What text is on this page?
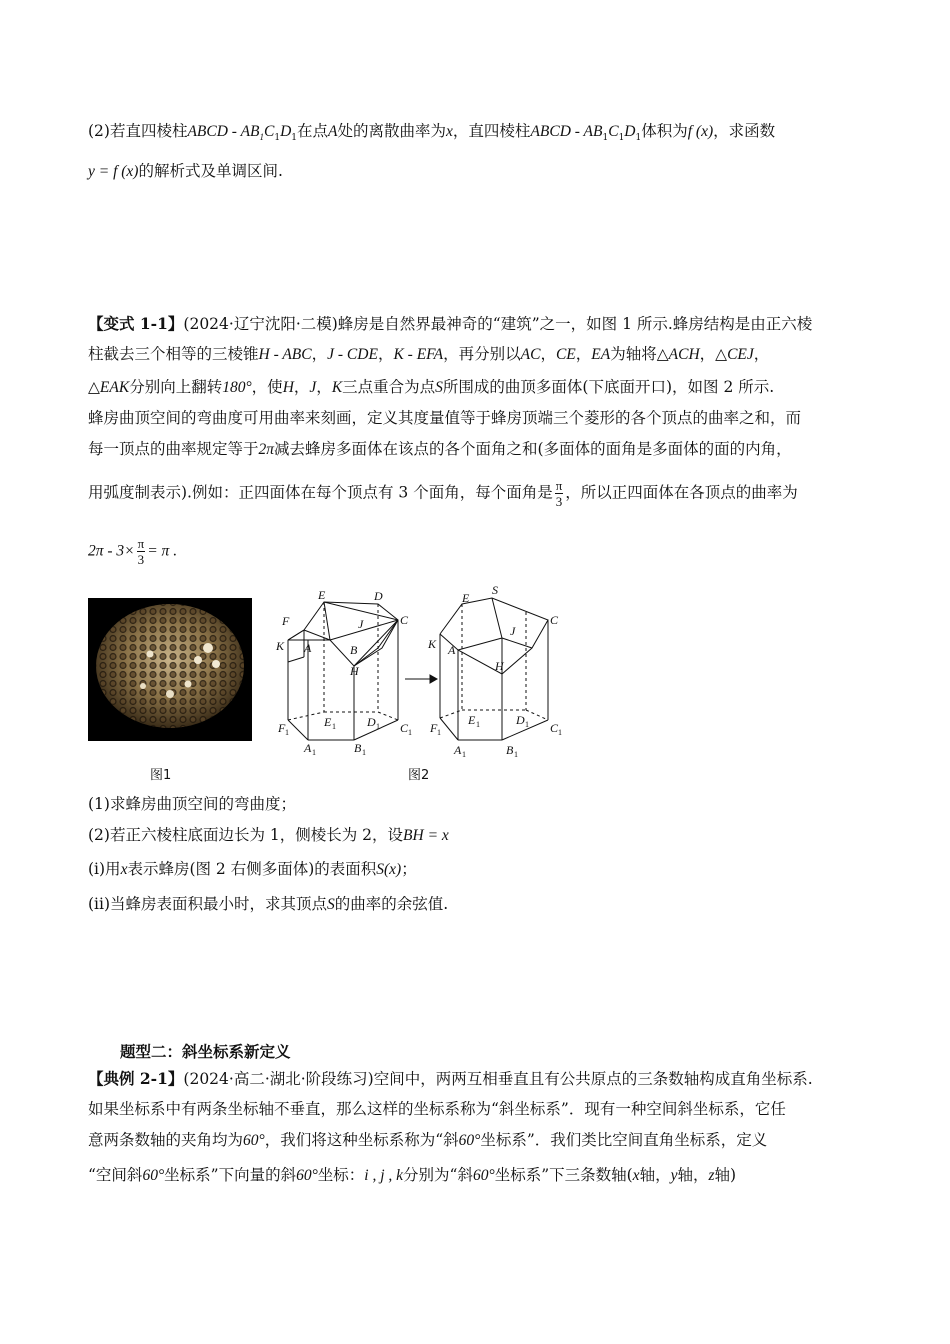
(2)若直四棱柱ABCD - $AB_1C_1D_1$在点A处的离散曲率为x，直四棱柱ABCD - $AB_1C_1D_1$体积为f (x)，求函数
y = f (x)的解析式及单调区间.
【变式 1-1】(2024·辽宁沈阳·二模)蜂房是自然界最神奇的“建筑”之一，如图 1 所示.蜂房结构是由正六棱
柱截去三个相等的三棱锥H - ABC，J - CDE，K - EFA，再分别以AC，CE，EA为轴将△ACH，△CEJ，
△EAK分别向上翻转180°，使H，J，K三点重合为点S所围成的曲顶多面体(下底面开口)，如图 2 所示.
蜂房曲顶空间的弯曲度可用曲率来刻画，定义其度量值等于蜂房顶端三个菱形的各个顶点的曲率之和，而
每一顶点的曲率规定等于2π减去蜂房多面体在该点的各个面角之和(多面体的面角是多面体的面的内角，
用弧度制表示).例如：正四面体在每个顶点有 3 个面角，每个面角是 $\frac{\pi}{3}$ ，所以正四面体在各顶点的曲率为
$2\pi - 3\times \frac{\pi}{3} = \pi$ .
E	D
F	J	C
K A	B
H
E	D
F	C
A	B
S
E
C
J
K A
H
E	D
F	C
A	B
1	1
1	1
1	1
1	1
1	1
1	1
图1	图2
(1)求蜂房曲顶空间的弯曲度；
(2)若正六棱柱底面边长为 1，侧棱长为 2，设BH = x
(i)用x表示蜂房(图 2 右侧多面体)的表面积S(x)；
(ii)当蜂房表面积最小时，求其顶点S的曲率的余弦值.
题型二：斜坐标系新定义
【典例 2-1】(2024·高二·湖北·阶段练习)空间中，两两互相垂直且有公共原点的三条数轴构成直角坐标系.
如果坐标系中有两条坐标轴不垂直，那么这样的坐标系称为“斜坐标系”．现有一种空间斜坐标系，它任
意两条数轴的夹角均为60°，我们将这种坐标系称为“斜60°坐标系”．我们类比空间直角坐标系，定义
“空间斜60°坐标系”下向量的斜60°坐标：i , j , k分别为“斜60°坐标系”下三条数轴(x轴，y轴，z轴)
